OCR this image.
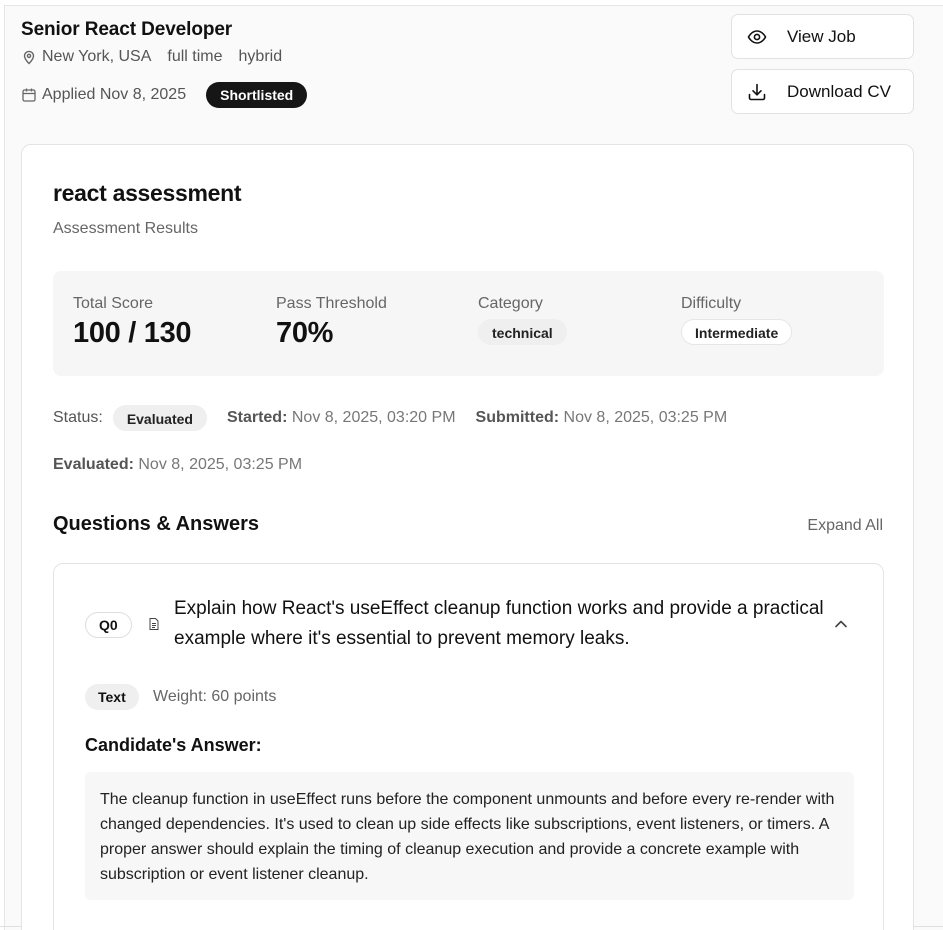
Senior React Developer
New York, USA full time hybrid
Applied Nov 8, 2025	Shortlisted
View Job
Download CV
react assessment
Assessment Results
Total Score
100 / 130
Pass Threshold
70%
Category
technical
Difficulty
Intermediate
Status:	Evaluated	Started: Nov 8, 2025, 03:20 PM Submitted: Nov 8, 2025, 03:25 PM
Evaluated: Nov 8, 2025, 03:25 PM
Questions & Answers	Expand All
Q0
Explain how React's useEffect cleanup function works and provide a practical example where it's essential to prevent memory leaks.
Text	Weight: 60 points
Candidate's Answer:
The cleanup function in useEffect runs before the component unmounts and before every re-render with changed dependencies. It's used to clean up side effects like subscriptions, event listeners, or timers. A proper answer should explain the timing of cleanup execution and provide a concrete example with subscription or event listener cleanup.
